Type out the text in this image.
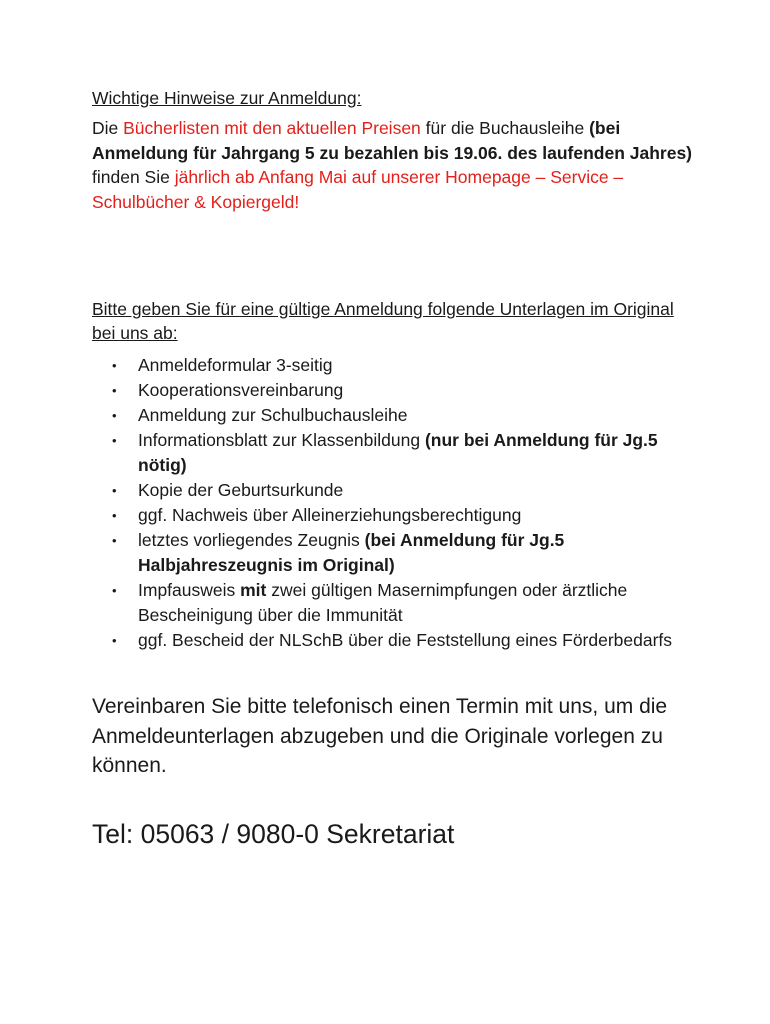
Wichtige Hinweise zur Anmeldung:

Die Bücherlisten mit den aktuellen Preisen für die Buchausleihe (bei Anmeldung für Jahrgang 5 zu bezahlen bis 19.06. des laufenden Jahres) finden Sie jährlich ab Anfang Mai auf unserer Homepage – Service – Schulbücher & Kopiergeld!

Bitte geben Sie für eine gültige Anmeldung folgende Unterlagen im Original bei uns ab:

• Anmeldeformular 3-seitig
• Kooperationsvereinbarung
• Anmeldung zur Schulbuchausleihe
• Informationsblatt zur Klassenbildung (nur bei Anmeldung für Jg.5 nötig)
• Kopie der Geburtsurkunde
• ggf. Nachweis über Alleinerziehungsberechtigung
• letztes vorliegendes Zeugnis (bei Anmeldung für Jg.5 Halbjahreszeugnis im Original)
• Impfausweis mit zwei gültigen Masernimpfungen oder ärztliche Bescheinigung über die Immunität
• ggf. Bescheid der NLSchB über die Feststellung eines Förderbedarfs

Vereinbaren Sie bitte telefonisch einen Termin mit uns, um die Anmeldeunterlagen abzugeben und die Originale vorlegen zu können.

Tel: 05063 / 9080-0 Sekretariat
